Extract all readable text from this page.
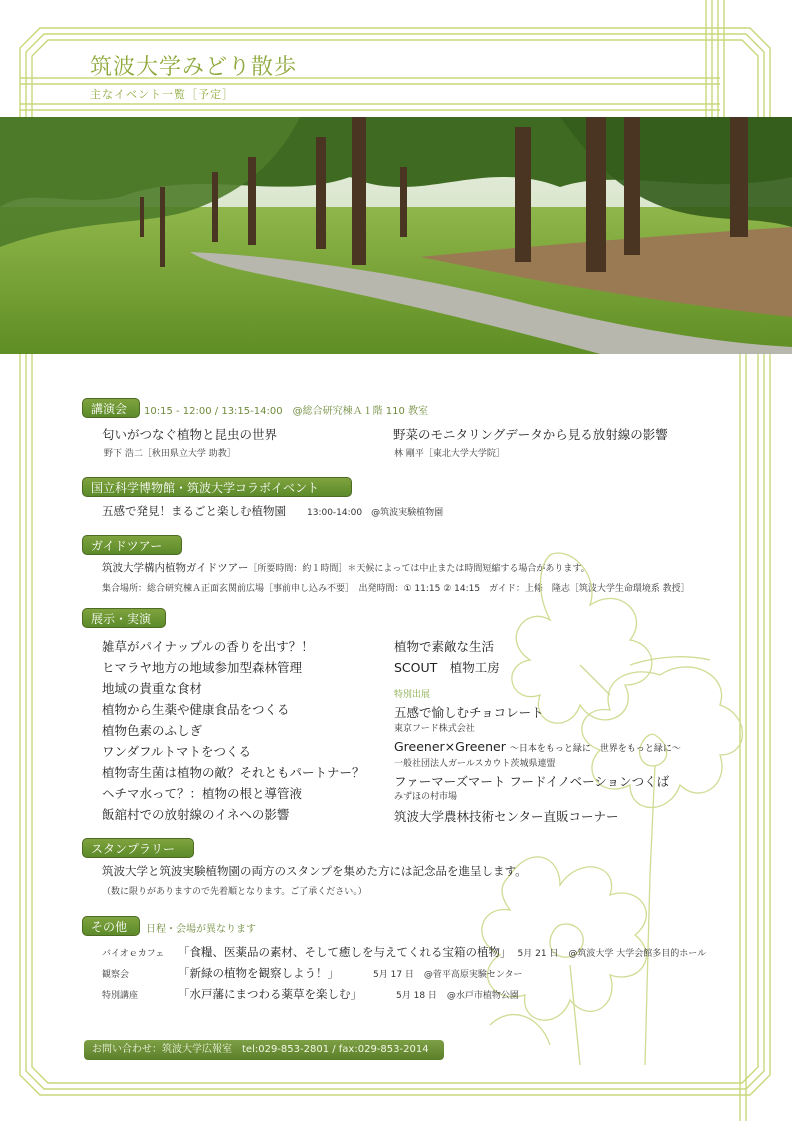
筑波大学みどり散歩
主なイベント一覧［予定］
講演会	10:15 - 12:00 / 13:15-14:00　@総合研究棟Ａ１階 110 教室
匂いがつなぐ植物と昆虫の世界
野下 浩二［秋田県立大学 助教］
野菜のモニタリングデータから見る放射線の影響
林 剛平［東北大学大学院］
国立科学博物館・筑波大学コラボイベント
五感で発見！まるごと楽しむ植物園 13:00-14:00　@筑波実験植物園
ガイドツアー
筑波大学構内植物ガイドツアー［所要時間：約１時間］＊天候によっては中止または時間短縮する場合があります。
集合場所：総合研究棟Ａ正面玄関前広場［事前申し込み不要］　出発時間：① 11:15 ② 14:15　ガイド：上條　隆志［筑波大学生命環境系 教授］
展示・実演
雑草がパイナップルの香りを出す？！
ヒマラヤ地方の地域参加型森林管理
地域の貴重な食材
植物から生薬や健康食品をつくる
植物色素のふしぎ
ワンダフルトマトをつくる
植物寄生菌は植物の敵？それともパートナー？
ヘチマ水って？：植物の根と導管液
飯舘村での放射線のイネへの影響
植物で素敵な生活
SCOUT　植物工房
特別出展
五感で愉しむチョコレート
東京フード株式会社
Greener×Greener 〜日本をもっと緑に　世界をもっと緑に〜
一般社団法人ガールスカウト茨城県連盟
ファーマーズマート フードイノベーションつくば
みずほの村市場
筑波大学農林技術センター直販コーナー
スタンプラリー
筑波大学と筑波実験植物園の両方のスタンプを集めた方には記念品を進呈します。
（数に限りがありますので先着順となります。ご了承ください。）
その他	日程・会場が異なります
バイオｅカフェ 「食糧、医薬品の素材、そして癒しを与えてくれる宝箱の植物」 5月 21 日 @筑波大学 大学会館多目的ホール
観察会	「新緑の植物を観察しよう！」	5月 17 日 @菅平高原実験センター
特別講座	「水戸藩にまつわる薬草を楽しむ」	5月 18 日 @水戸市植物公園
お問い合わせ：筑波大学広報室　tel:029-853-2801 / fax:029-853-2014
